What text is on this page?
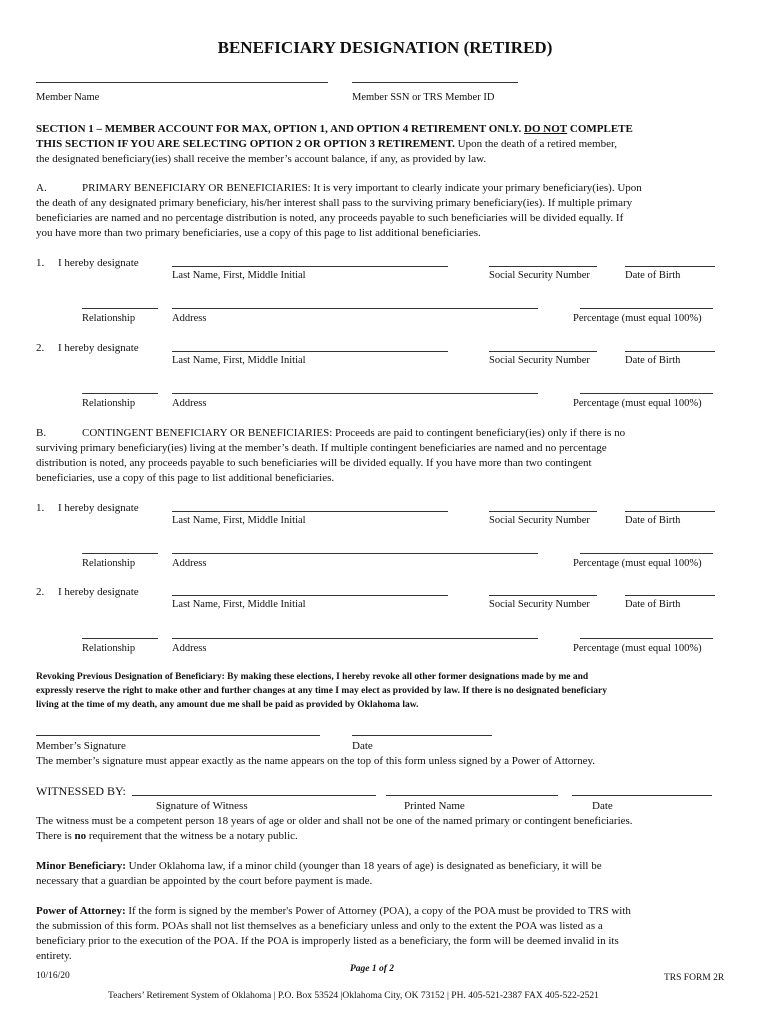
BENEFICIARY DESIGNATION (RETIRED)
Member Name	Member SSN or TRS Member ID
SECTION 1 – MEMBER ACCOUNT FOR MAX, OPTION 1, AND OPTION 4 RETIREMENT ONLY. DO NOT COMPLETE
THIS SECTION IF YOU ARE SELECTING OPTION 2 OR OPTION 3 RETIREMENT. Upon the death of a retired member,
the designated beneficiary(ies) shall receive the member’s account balance, if any, as provided by law.
A.	PRIMARY BENEFICIARY OR BENEFICIARIES: It is very important to clearly indicate your primary beneficiary(ies). Upon
the death of any designated primary beneficiary, his/her interest shall pass to the surviving primary beneficiary(ies). If multiple primary
beneficiaries are named and no percentage distribution is noted, any proceeds payable to such beneficiaries will be divided equally. If
you have more than two primary beneficiaries, use a copy of this page to list additional beneficiaries.
1. I hereby designate
Last Name, First, Middle Initial	Social Security Number	Date of Birth
Relationship	Address	Percentage (must equal 100%)
2. I hereby designate
Last Name, First, Middle Initial	Social Security Number	Date of Birth
Relationship	Address	Percentage (must equal 100%)
B.	CONTINGENT BENEFICIARY OR BENEFICIARIES: Proceeds are paid to contingent beneficiary(ies) only if there is no
surviving primary beneficiary(ies) living at the member’s death. If multiple contingent beneficiaries are named and no percentage
distribution is noted, any proceeds payable to such beneficiaries will be divided equally. If you have more than two contingent
beneficiaries, use a copy of this page to list additional beneficiaries.
1. I hereby designate
Last Name, First, Middle Initial	Social Security Number	Date of Birth
Relationship	Address	Percentage (must equal 100%)
2. I hereby designate
Last Name, First, Middle Initial	Social Security Number	Date of Birth
Relationship	Address	Percentage (must equal 100%)
Revoking Previous Designation of Beneficiary: By making these elections, I hereby revoke all other former designations made by me and
expressly reserve the right to make other and further changes at any time I may elect as provided by law. If there is no designated beneficiary
living at the time of my death, any amount due me shall be paid as provided by Oklahoma law.
Member’s Signature	Date
The member’s signature must appear exactly as the name appears on the top of this form unless signed by a Power of Attorney.
WITNESSED BY:
Signature of Witness	Printed Name	Date
The witness must be a competent person 18 years of age or older and shall not be one of the named primary or contingent beneficiaries.
There is no requirement that the witness be a notary public.
Minor Beneficiary: Under Oklahoma law, if a minor child (younger than 18 years of age) is designated as beneficiary, it will be
necessary that a guardian be appointed by the court before payment is made.
Power of Attorney: If the form is signed by the member's Power of Attorney (POA), a copy of the POA must be provided to TRS with
the submission of this form. POAs shall not list themselves as a beneficiary unless and only to the extent the POA was listed as a
beneficiary prior to the execution of the POA. If the POA is improperly listed as a beneficiary, the form will be deemed invalid in its
entirety.
10/16/20
Page 1 of 2
TRS FORM 2R
Teachers’ Retirement System of Oklahoma | P.O. Box 53524 |Oklahoma City, OK 73152 | PH. 405-521-2387 FAX 405-522-2521
